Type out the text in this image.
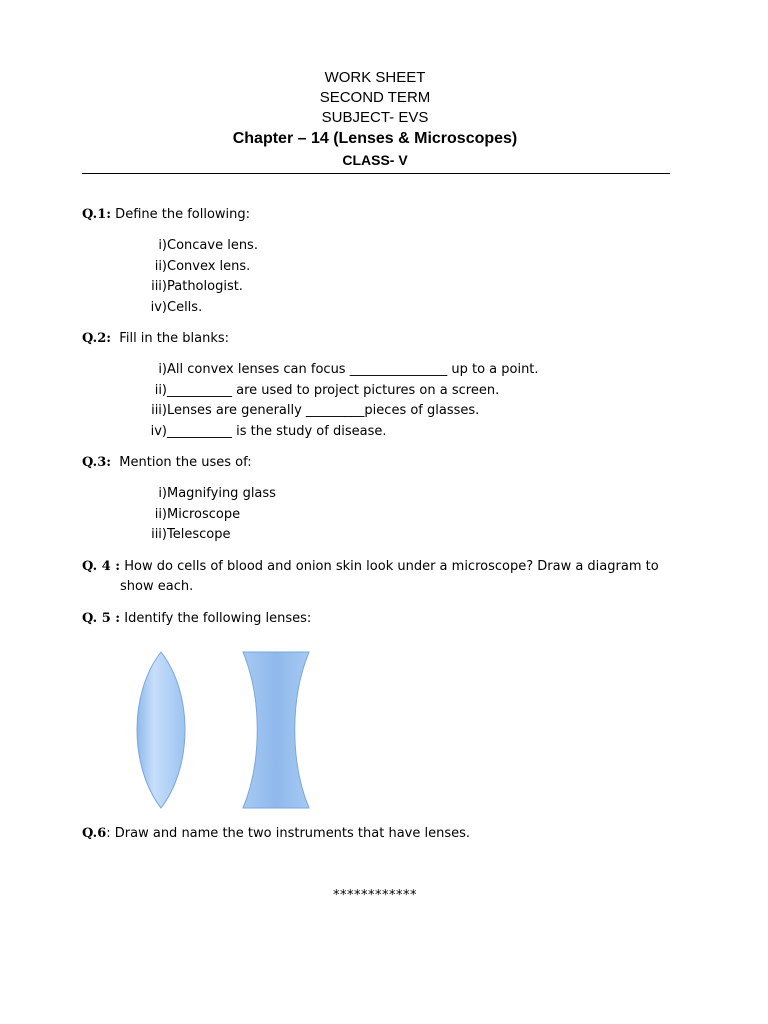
WORK SHEET
SECOND TERM
SUBJECT- EVS
Chapter – 14 (Lenses & Microscopes)
CLASS- V

Q.1: Define the following:

i) Concave lens.
ii) Convex lens.
iii) Pathologist.
iv) Cells.

Q.2:  Fill in the blanks:

i) All convex lenses can focus _______________ up to a point.
ii) __________ are used to project pictures on a screen.
iii) Lenses are generally _________pieces of glasses.
iv) __________ is the study of disease.

Q.3:  Mention the uses of:

i) Magnifying glass
ii) Microscope
iii) Telescope

Q. 4 : How do cells of blood and onion skin look under a microscope? Draw a diagram to

show each.

Q. 5 : Identify the following lenses:

Q.6: Draw and name the two instruments that have lenses.

************
